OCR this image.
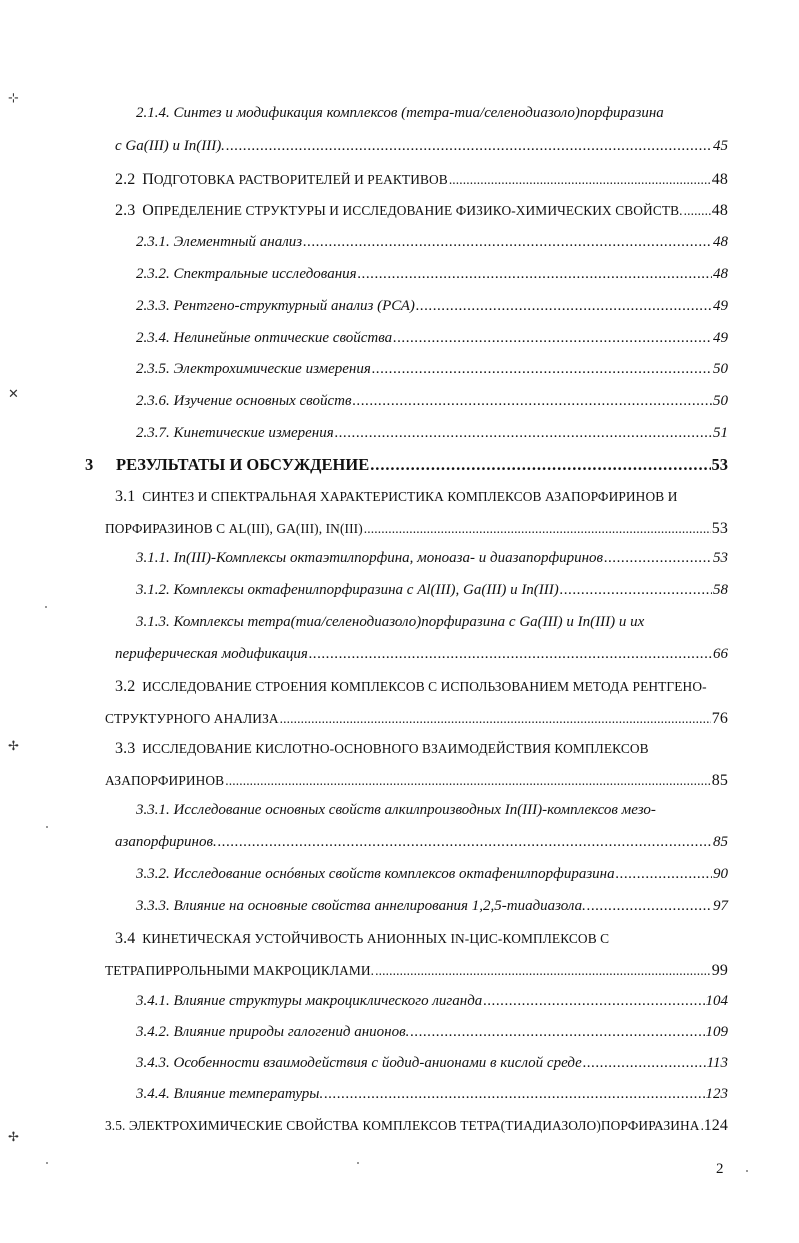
⊹
✕
✢
✢
2.1.4. Синтез и модификация комплексов (тетра-тиа/селенодиазоло)порфиразина
с Ga(III) и In(III). . . .	45
2.2 ПОДГОТОВКА РАСТВОРИТЕЛЕЙ И РЕАКТИВОВ . . .	48
2.3 ОПРЕДЕЛЕНИЕ СТРУКТУРЫ И ИССЛЕДОВАНИЕ ФИЗИКО-ХИМИЧЕСКИХ СВОЙСТВ. . . . 48
2.3.1. Элементный анализ . . .	48
2.3.2. Спектральные исследования . . .	48
2.3.3. Рентгено-структурный анализ (РСА) . . .	49
2.3.4. Нелинейные оптические свойства . . .	49
2.3.5. Электрохимические измерения . . .	50
2.3.6. Изучение основных свойств . . .	50
2.3.7. Кинетические измерения . . .	51
3 РЕЗУЛЬТАТЫ И ОБСУЖДЕНИЕ . . .	53
3.1 СИНТЕЗ И СПЕКТРАЛЬНАЯ ХАРАКТЕРИСТИКА КОМПЛЕКСОВ АЗАПОРФИРИНОВ И
ПОРФИРАЗИНОВ С AL(III), GA(III), IN(III) . . .	53
3.1.1. In(III)-Комплексы октаэтилпорфина, моноаза- и диазапорфиринов . . .	53
3.1.2. Комплексы октафенилпорфиразина с Al(III), Ga(III) и In(III) . . .	58
3.1.3. Комплексы тетра(тиа/селенодиазоло)порфиразина с Ga(III) и In(III) и их
периферическая модификация . . .	66
3.2 ИССЛЕДОВАНИЕ СТРОЕНИЯ КОМПЛЕКСОВ С ИСПОЛЬЗОВАНИЕМ МЕТОДА РЕНТГЕНО-
СТРУКТУРНОГО АНАЛИЗА . . .	76
3.3 ИССЛЕДОВАНИЕ КИСЛОТНО-ОСНОВНОГО ВЗАИМОДЕЙСТВИЯ КОМПЛЕКСОВ
АЗАПОРФИРИНОВ . . .	85
3.3.1. Исследование основных свойств алкилпроизводных In(III)-комплексов мезо-
азапорфиринов. . . .	85
3.3.2. Исследование оснóвных свойств комплексов октафенилпорфиразина . . .	90
3.3.3. Влияние на основные свойства аннелирования 1,2,5-тиадиазола. . . .	97
3.4 КИНЕТИЧЕСКАЯ УСТОЙЧИВОСТЬ АНИОННЫХ IN-ЦИС-КОМПЛЕКСОВ С
ТЕТРАПИРРОЛЬНЫМИ МАКРОЦИКЛАМИ. . . .	99
3.4.1. Влияние структуры макроциклического лиганда . . .	104
3.4.2. Влияние природы галогенид анионов. . . .	109
3.4.3. Особенности взаимодействия с йодид-анионами в кислой среде . . .	113
3.4.4. Влияние температуры. . . .	123
3.5. ЭЛЕКТРОХИМИЧЕСКИЕ СВОЙСТВА КОМПЛЕКСОВ ТЕТРА(ТИАДИАЗОЛО)ПОРФИРАЗИНА . . . 124
2
